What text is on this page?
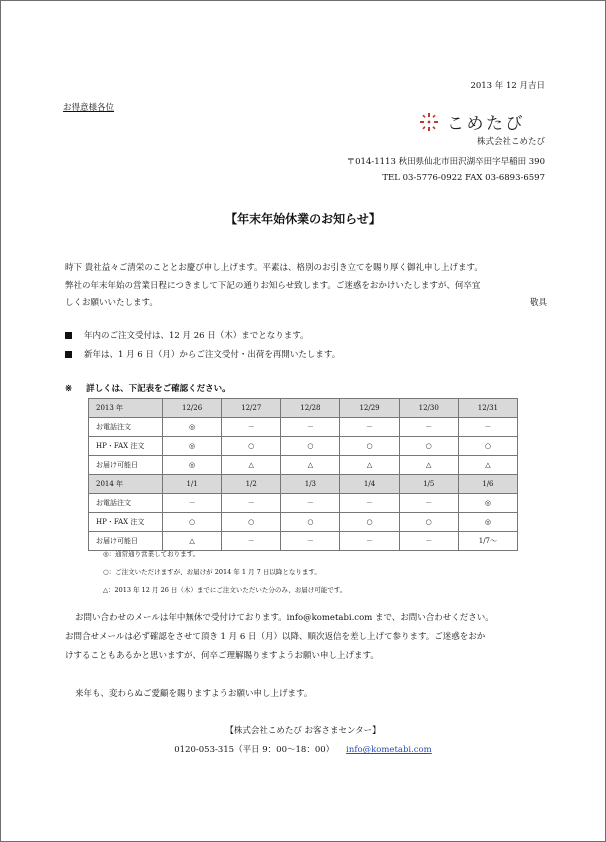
2013 年 12 月吉日
お得意様各位
こめたび
株式会社こめたび
〒014-1113 秋田県仙北市田沢湖卒田字早稲田 390
TEL 03-5776-0922 FAX 03-6893-6597
【年末年始休業のお知らせ】
時下 貴社益々ご清栄のこととお慶び申し上げます。平素は、格別のお引き立てを賜り厚く御礼申し上げます。
弊社の年末年始の営業日程につきまして下記の通りお知らせ致します。ご迷惑をおかけいたしますが、何卒宜
しくお願いいたします。	敬具
年内のご注文受付は、12 月 26 日（木）までとなります。
新年は、1 月 6 日（月）からご注文受付・出荷を再開いたします。
※ 詳しくは、下記表をご確認ください。
2013 年	12/26	12/27	12/28	12/29	12/30	12/31
お電話注文	◎	－	－	－	－	－
HP・FAX 注文	◎	○	○	○	○	○
お届け可能日	◎	△	△	△	△	△
2014 年	1/1	1/2	1/3	1/4	1/5	1/6
お電話注文	－	－	－	－	－	◎
HP・FAX 注文	○	○	○	○	○	◎
お届け可能日	△	－	－	－	－	1/7～
◎：通常通り営業しております。
○：ご注文いただけますが、お届けが 2014 年 1 月 7 日以降となります。
△：2013 年 12 月 26 日（木）までにご注文いただいた分のみ、お届け可能です。

お問い合わせのメールは年中無休で受付けております。info@kometabi.com まで、お問い合わせください。

お問合せメールは必ず確認をさせて頂き 1 月 6 日（月）以降、順次返信を差し上げて参ります。ご迷惑をおか

けすることもあるかと思いますが、何卒ご理解賜りますようお願い申し上げます。

来年も、変わらぬご愛顧を賜りますようお願い申し上げます。

【株式会社こめたび お客さまセンター】
0120-053-315（平日 9：00～18：00） info@kometabi.com
